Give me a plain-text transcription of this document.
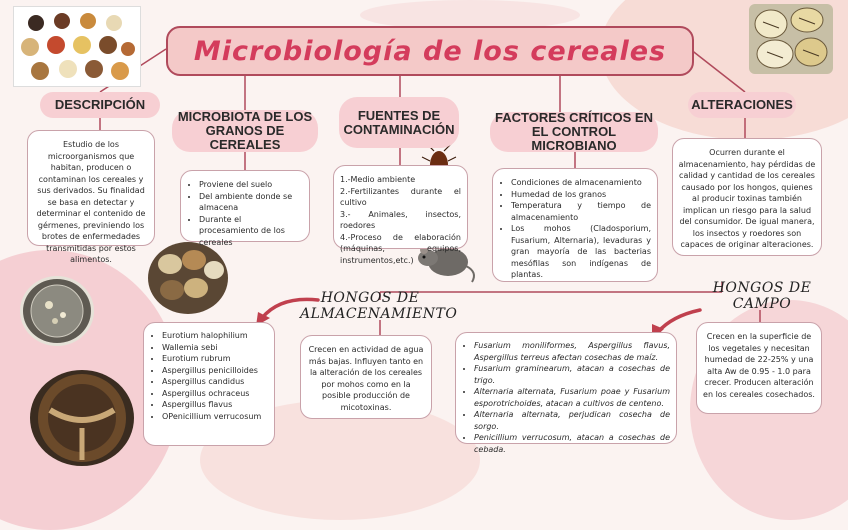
Microbiología de los cereales
DESCRIPCIÓN
MICROBIOTA DE LOS GRANOS DE CEREALES
FUENTES DE CONTAMINACIÓN
FACTORES CRÍTICOS EN EL CONTROL MICROBIANO
ALTERACIONES
HONGOS DE ALMACENAMIENTO
HONGOS DE CAMPO
Estudio de los microorganismos que habitan, producen o contaminan los cereales y sus derivados. Su finalidad se basa en detectar y determinar el contenido de gérmenes, previniendo los brotes de enfermedades transmitidas por estos alimentos.
• Proviene del suelo
• Del ambiente donde se almacena
• Durante el procesamiento de los cereales
1.-Medio ambiente
2.-Fertilizantes durante el cultivo
3.- Animales, insectos, roedores
4.-Proceso de elaboración (máquinas, equipos, instrumentos,etc.)
• Condiciones de almacenamiento
• Humedad de los granos
• Temperatura y tiempo de almacenamiento
• Los mohos (Cladosporium, Fusarium, Alternaria), levaduras y gran mayoría de las bacterias mesófilas son indígenas de plantas.
Ocurren durante el almacenamiento, hay pérdidas de calidad y cantidad de los cereales causado por los hongos, quienes al producir toxinas también implican un riesgo para la salud del consumidor. De igual manera, los insectos y roedores son capaces de originar alteraciones.
• Eurotium halophilium
• Wallemia sebi
• Eurotium rubrum
• Aspergillus penicilloides
• Aspergillus candidus
• Aspergillus ochraceus
• Aspergillus flavus
• OPenicillium verrucosum
Crecen en actividad de agua más bajas. Influyen tanto en la alteración de los cereales por mohos como en la posible producción de micotoxinas.
• Fusarium moniliformes, Aspergillus flavus, Aspergillus terreus afectan cosechas de maíz.
• Fusarium graminearum, atacan a cosechas de trigo.
• Alternaria alternata, Fusarium poae y Fusarium esporotrichoides, atacan a cultivos de centeno.
• Alternaria alternata, perjudican cosecha de sorgo.
• Penicillium verrucosum, atacan a cosechas de cebada.
Crecen en la superficie de los vegetales y necesitan humedad de 22-25% y una alta Aw de 0.95 - 1.0 para crecer. Producen alteración en los cereales cosechados.
